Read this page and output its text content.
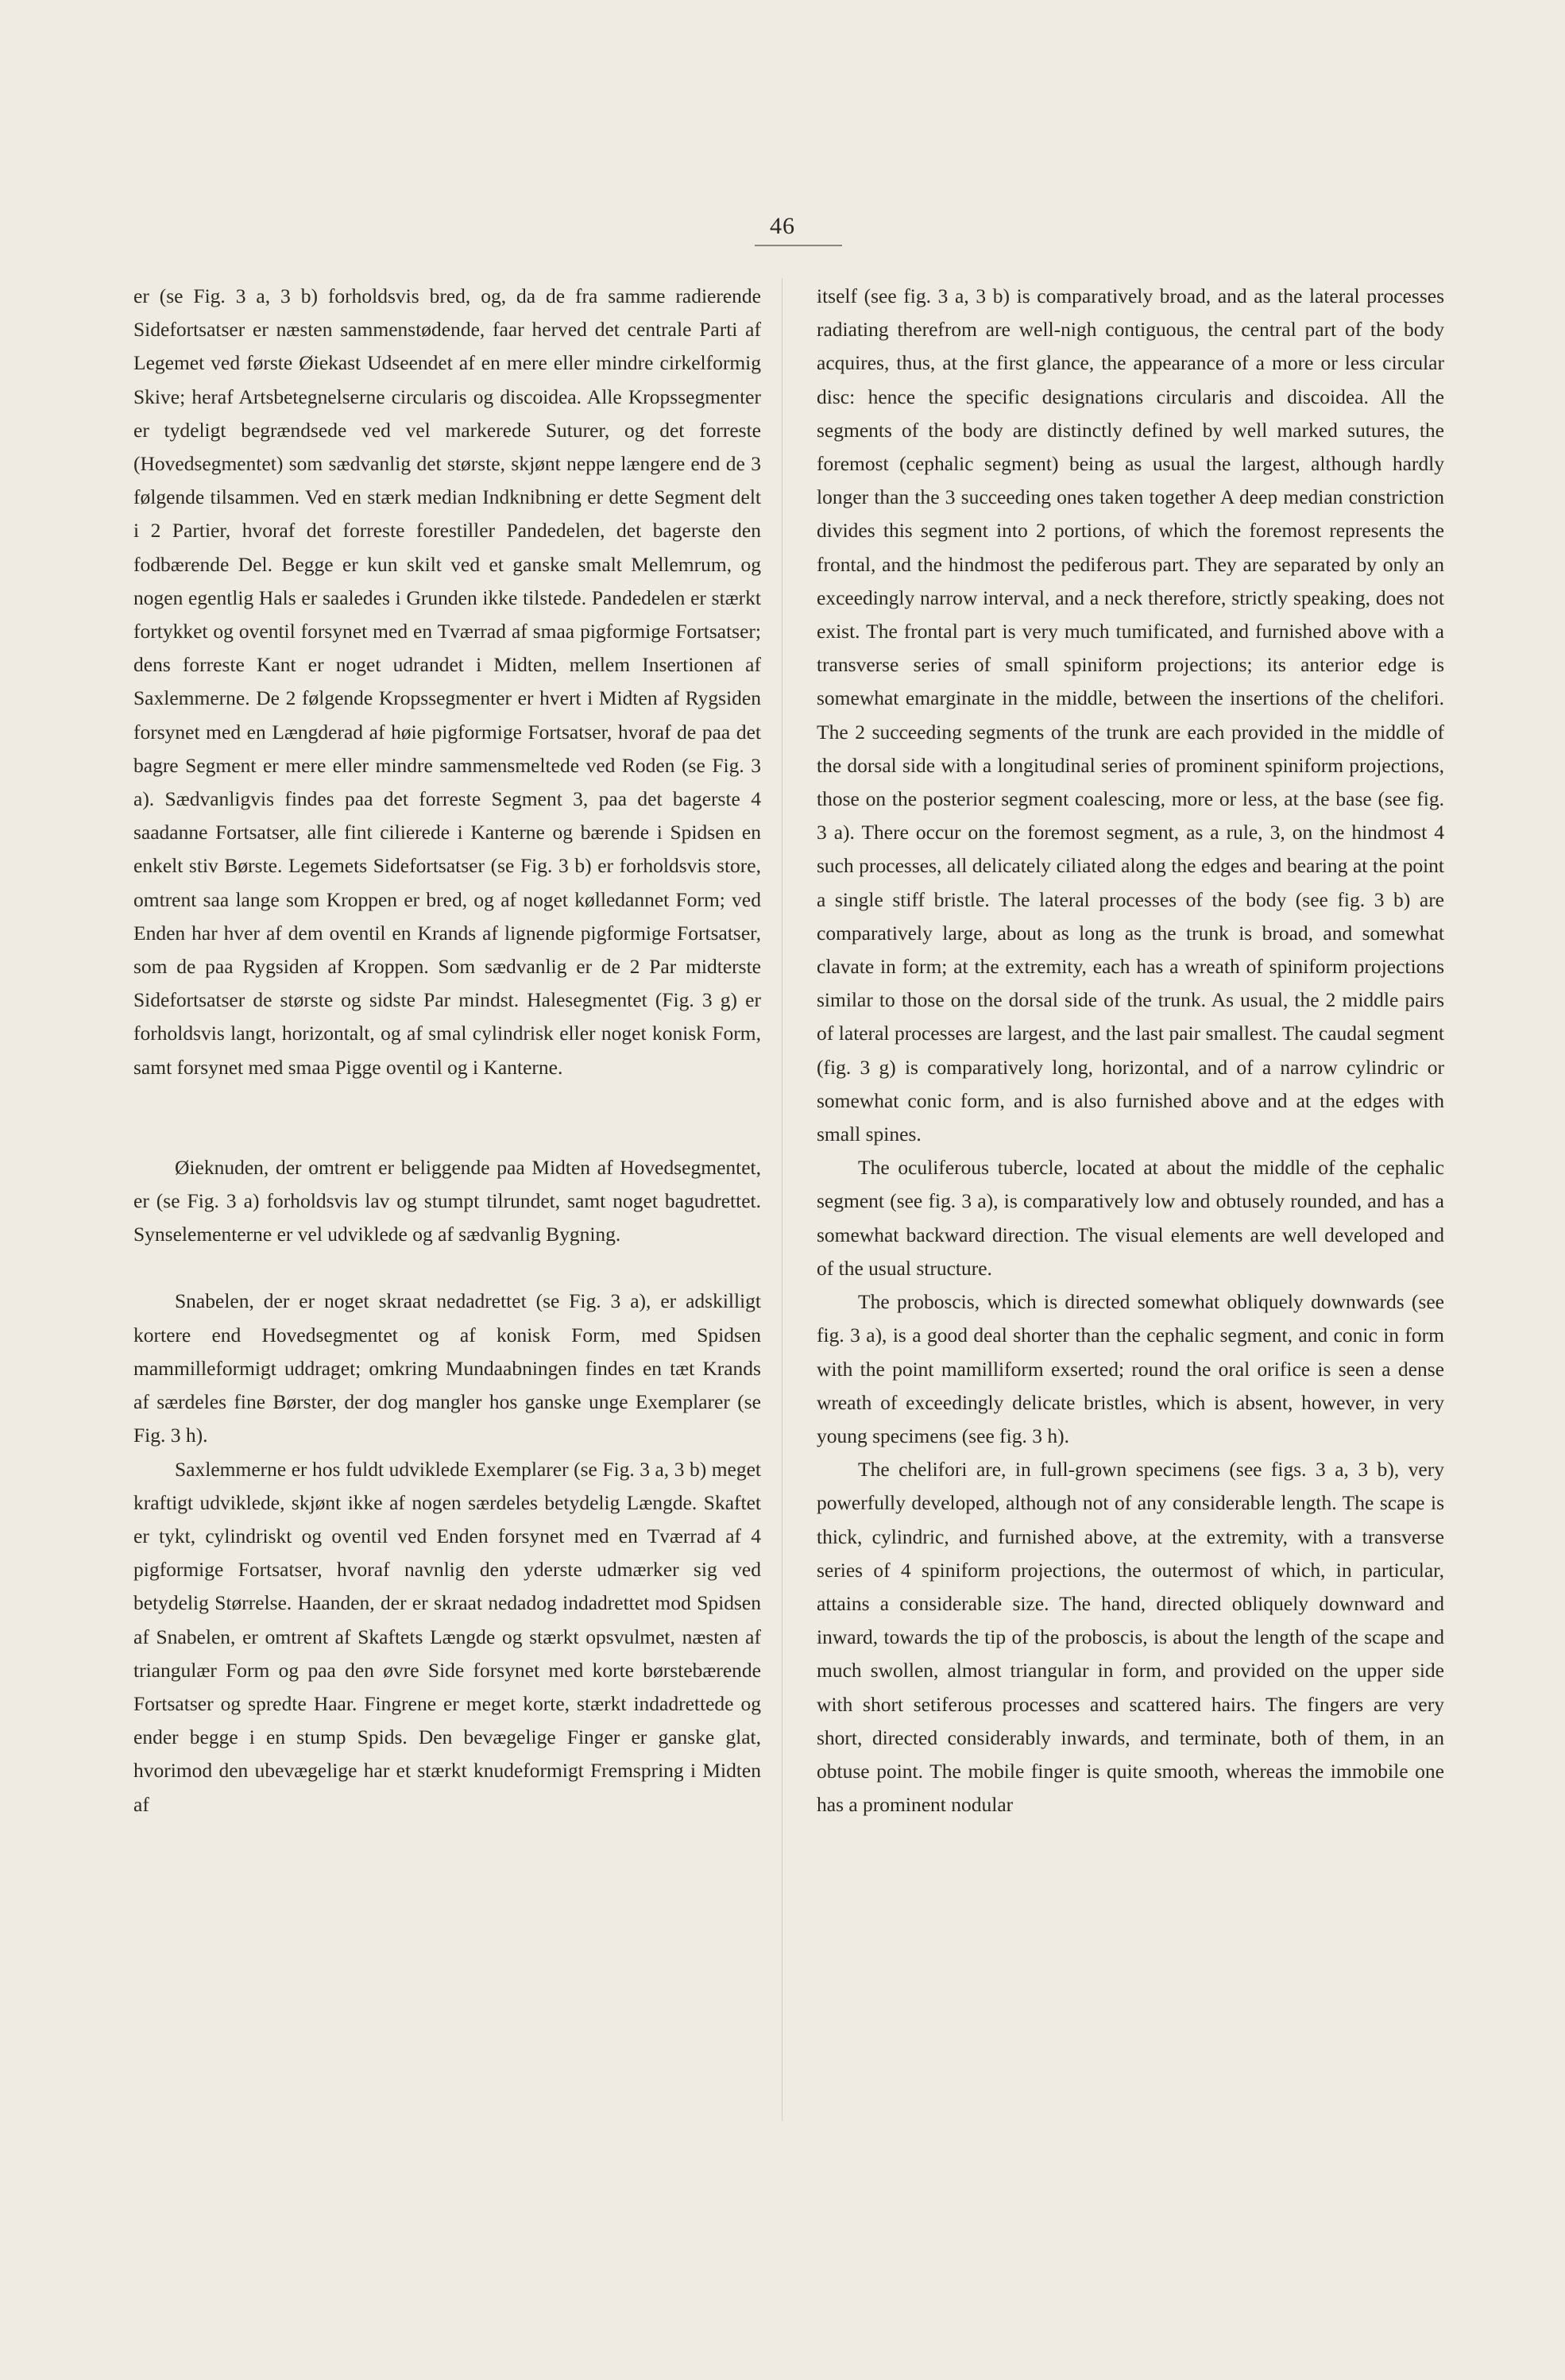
46

er (se Fig. 3 a, 3 b) forholdsvis bred, og, da de fra samme radierende Sidefortsatser er næsten sammenstødende, faar herved det centrale Parti af Legemet ved første Øiekast Udseendet af en mere eller mindre cirkelformig Skive; heraf Artsbetegnelserne circularis og discoidea. Alle Kropssegmenter er tydeligt begrændsede ved vel markerede Suturer, og det forreste (Hovedsegmentet) som sædvanlig det største, skjønt neppe længere end de 3 følgende tilsammen. Ved en stærk median Indknibning er dette Segment delt i 2 Partier, hvoraf det forreste forestiller Pandedelen, det bagerste den fodbærende Del. Begge er kun skilt ved et ganske smalt Mellemrum, og nogen egentlig Hals er saaledes i Grunden ikke tilstede. Pandedelen er stærkt fortykket og oventil forsynet med en Tværrad af smaa pigformige Fortsatser; dens forreste Kant er noget udrandet i Midten, mellem Insertionen af Saxlemmerne. De 2 følgende Kropssegmenter er hvert i Midten af Rygsiden forsynet med en Længderad af høie pigformige Fortsatser, hvoraf de paa det bagre Segment er mere eller mindre sammensmeltede ved Roden (se Fig. 3 a). Sædvanligvis findes paa det forreste Segment 3, paa det bagerste 4 saadanne Fortsatser, alle fint cilierede i Kanterne og bærende i Spidsen en enkelt stiv Børste. Legemets Sidefortsatser (se Fig. 3 b) er forholdsvis store, omtrent saa lange som Kroppen er bred, og af noget kølledannet Form; ved Enden har hver af dem oventil en Krands af lignende pigformige Fortsatser, som de paa Rygsiden af Kroppen. Som sædvanlig er de 2 Par midterste Sidefortsatser de største og sidste Par mindst. Halesegmentet (Fig. 3 g) er forholdsvis langt, horizontalt, og af smal cylindrisk eller noget konisk Form, samt forsynet med smaa Pigge oventil og i Kanterne.

Øieknuden, der omtrent er beliggende paa Midten af Hovedsegmentet, er (se Fig. 3 a) forholdsvis lav og stumpt tilrundet, samt noget bagudrettet. Synselementerne er vel udviklede og af sædvanlig Bygning.

Snabelen, der er noget skraat nedadrettet (se Fig. 3 a), er adskilligt kortere end Hovedsegmentet og af konisk Form, med Spidsen mammilleformigt uddraget; omkring Mundaabningen findes en tæt Krands af særdeles fine Børster, der dog mangler hos ganske unge Exemplarer (se Fig. 3 h).

Saxlemmerne er hos fuldt udviklede Exemplarer (se Fig. 3 a, 3 b) meget kraftigt udviklede, skjønt ikke af nogen særdeles betydelig Længde. Skaftet er tykt, cylindriskt og oventil ved Enden forsynet med en Tværrad af 4 pigformige Fortsatser, hvoraf navnlig den yderste udmærker sig ved betydelig Størrelse. Haanden, der er skraat nedadog indadrettet mod Spidsen af Snabelen, er omtrent af Skaftets Længde og stærkt opsvulmet, næsten af triangulær Form og paa den øvre Side forsynet med korte børstebærende Fortsatser og spredte Haar. Fingrene er meget korte, stærkt indadrettede og ender begge i en stump Spids. Den bevægelige Finger er ganske glat, hvorimod den ubevægelige har et stærkt knudeformigt Fremspring i Midten af

itself (see fig. 3 a, 3 b) is comparatively broad, and as the lateral processes radiating therefrom are well-nigh contiguous, the central part of the body acquires, thus, at the first glance, the appearance of a more or less circular disc: hence the specific designations circularis and discoidea. All the segments of the body are distinctly defined by well marked sutures, the foremost (cephalic segment) being as usual the largest, although hardly longer than the 3 succeeding ones taken together A deep median constriction divides this segment into 2 portions, of which the foremost represents the frontal, and the hindmost the pediferous part. They are separated by only an exceedingly narrow interval, and a neck therefore, strictly speaking, does not exist. The frontal part is very much tumificated, and furnished above with a transverse series of small spiniform projections; its anterior edge is somewhat emarginate in the middle, between the insertions of the chelifori. The 2 succeeding segments of the trunk are each provided in the middle of the dorsal side with a longitudinal series of prominent spiniform projections, those on the posterior segment coalescing, more or less, at the base (see fig. 3 a). There occur on the foremost segment, as a rule, 3, on the hindmost 4 such processes, all delicately ciliated along the edges and bearing at the point a single stiff bristle. The lateral processes of the body (see fig. 3 b) are comparatively large, about as long as the trunk is broad, and somewhat clavate in form; at the extremity, each has a wreath of spiniform projections similar to those on the dorsal side of the trunk. As usual, the 2 middle pairs of lateral processes are largest, and the last pair smallest. The caudal segment (fig. 3 g) is comparatively long, horizontal, and of a narrow cylindric or somewhat conic form, and is also furnished above and at the edges with small spines.

The oculiferous tubercle, located at about the middle of the cephalic segment (see fig. 3 a), is comparatively low and obtusely rounded, and has a somewhat backward direction. The visual elements are well developed and of the usual structure.

The proboscis, which is directed somewhat obliquely downwards (see fig. 3 a), is a good deal shorter than the cephalic segment, and conic in form with the point mamilliform exserted; round the oral orifice is seen a dense wreath of exceedingly delicate bristles, which is absent, however, in very young specimens (see fig. 3 h).

The chelifori are, in full-grown specimens (see figs. 3 a, 3 b), very powerfully developed, although not of any considerable length. The scape is thick, cylindric, and furnished above, at the extremity, with a transverse series of 4 spiniform projections, the outermost of which, in particular, attains a considerable size. The hand, directed obliquely downward and inward, towards the tip of the proboscis, is about the length of the scape and much swollen, almost triangular in form, and provided on the upper side with short setiferous processes and scattered hairs. The fingers are very short, directed considerably inwards, and terminate, both of them, in an obtuse point. The mobile finger is quite smooth, whereas the immobile one has a prominent nodular
